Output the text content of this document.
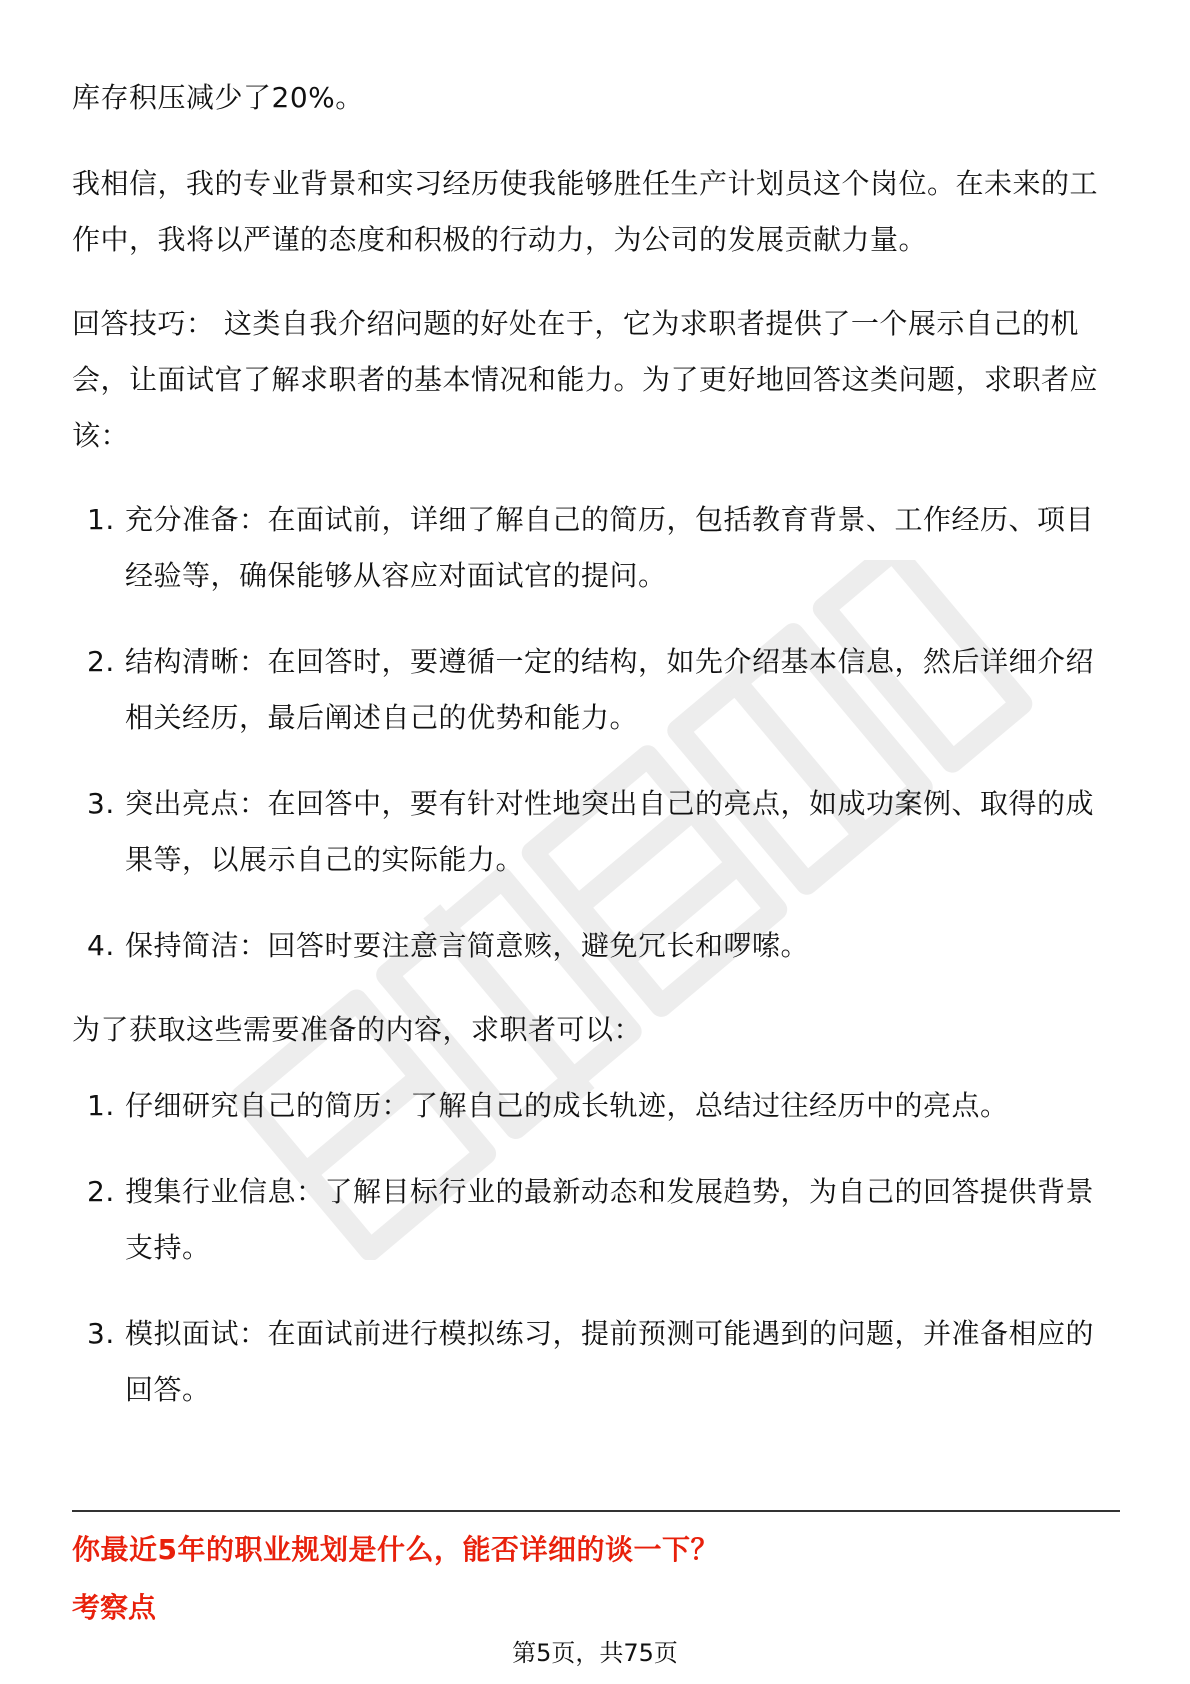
库存积压减少了20%。

我相信，我的专业背景和实习经历使我能够胜任生产计划员这个岗位。在未来的工作中，我将以严谨的态度和积极的行动力，为公司的发展贡献力量。

回答技巧： 这类自我介绍问题的好处在于，它为求职者提供了一个展示自己的机会，让面试官了解求职者的基本情况和能力。为了更好地回答这类问题，求职者应该：

1. 充分准备：在面试前，详细了解自己的简历，包括教育背景、工作经历、项目经验等，确保能够从容应对面试官的提问。
2. 结构清晰：在回答时，要遵循一定的结构，如先介绍基本信息，然后详细介绍相关经历，最后阐述自己的优势和能力。
3. 突出亮点：在回答中，要有针对性地突出自己的亮点，如成功案例、取得的成果等，以展示自己的实际能力。
4. 保持简洁：回答时要注意言简意赅，避免冗长和啰嗦。

为了获取这些需要准备的内容，求职者可以：

1. 仔细研究自己的简历：了解自己的成长轨迹，总结过往经历中的亮点。
2. 搜集行业信息：了解目标行业的最新动态和发展趋势，为自己的回答提供背景支持。
3. 模拟面试：在面试前进行模拟练习，提前预测可能遇到的问题，并准备相应的回答。
你最近5年的职业规划是什么，能否详细的谈一下？
考察点
第5页，共75页
